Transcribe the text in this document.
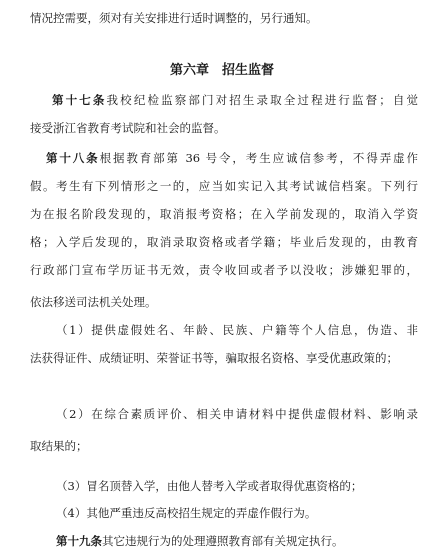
情况控需要，须对有关安排进行适时调整的，另行通知。
第六章　招生监督
第十七条我校纪检监察部门对招生录取全过程进行监督；自觉
接受浙江省教育考试院和社会的监督。
第十八条根据教育部第 36 号令，考生应诚信参考，不得弄虚作
假。考生有下列情形之一的，应当如实记入其考试诚信档案。下列行
为在报名阶段发现的，取消报考资格；在入学前发现的，取消入学资
格；入学后发现的，取消录取资格或者学籍；毕业后发现的，由教育
行政部门宣布学历证书无效，责令收回或者予以没收；涉嫌犯罪的，
依法移送司法机关处理。
（1）提供虚假姓名、年龄、民族、户籍等个人信息，伪造、非
法获得证件、成绩证明、荣誉证书等，骗取报名资格、享受优惠政策的；
（2）在综合素质评价、相关申请材料中提供虚假材料、影响录
取结果的；
（3）冒名顶替入学，由他人替考入学或者取得优惠资格的；
（4）其他严重违反高校招生规定的弄虚作假行为。
第十九条其它违规行为的处理遵照教育部有关规定执行。
